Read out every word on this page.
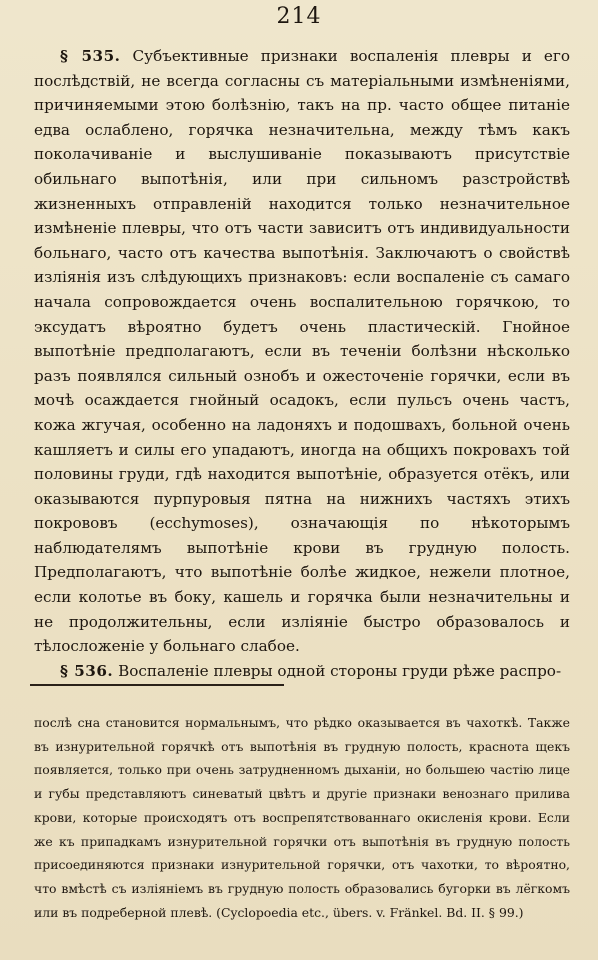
214

§ 535. Субъективные признаки воспаленія плевры и его послѣдствій, не всегда согласны съ матеріальными измѣненіями, причиняемыми этою болѣзнію, такъ на пр. часто общее питаніе едва ослаблено, горячка незначительна, между тѣмъ какъ поколачиваніе и выслушиваніе показываютъ присутствіе обильнаго выпотѣнія, или при сильномъ разстройствѣ жизненныхъ отправленій находится только незначительное измѣненіе плевры, что отъ части зависитъ отъ индивидуальности больнаго, часто отъ качества выпотѣнія. Заключаютъ о свойствѣ изліянія изъ слѣдующихъ признаковъ: если воспаленіе съ самаго начала сопровождается очень воспалительною горячкою, то эксудатъ вѣроятно будетъ очень пластическій. Гнойное выпотѣніе предполагаютъ, если въ теченіи болѣзни нѣсколько разъ появлялся сильный ознобъ и ожесточеніе горячки, если въ мочѣ осаждается гнойный осадокъ, если пульсъ очень частъ, кожа жгучая, особенно на ладоняхъ и подошвахъ, больной очень кашляетъ и силы его упадаютъ, иногда на общихъ покровахъ той половины груди, гдѣ находится выпотѣніе, образуется отёкъ, или оказываются пурпуровыя пятна на нижнихъ частяхъ этихъ покрововъ (ecchymoses), означающія по нѣкоторымъ наблюдателямъ выпотѣніе крови въ грудную полость. Предполагаютъ, что выпотѣніе болѣе жидкое, нежели плотное, если колотье въ боку, кашель и горячка были незначительны и не продолжительны, если изліяніе быстро образовалось и тѣлосложеніе у больнаго слабое.

§ 536. Воспаленіе плевры одной стороны груди рѣже распро-

послѣ сна становится нормальнымъ, что рѣдко оказывается въ чахоткѣ. Также въ изнурительной горячкѣ отъ выпотѣнія въ грудную полость, краснота щекъ появляется, только при очень затрудненномъ дыханіи, но большею частію лице и губы представляютъ синеватый цвѣтъ и другіе признаки венознаго прилива крови, которые происходятъ отъ воспрепятствованнаго окисленія крови. Если же къ припадкамъ изнурительной горячки отъ выпотѣнія въ грудную полость присоединяются признаки изнурительной горячки, отъ чахотки, то вѣроятно, что вмѣстѣ съ изліяніемъ въ грудную полость образовались бугорки въ лёгкомъ или въ подреберной плевѣ. (Cycloроеdia etc., übers. v. Fränkel. Bd. II. § 99.)
